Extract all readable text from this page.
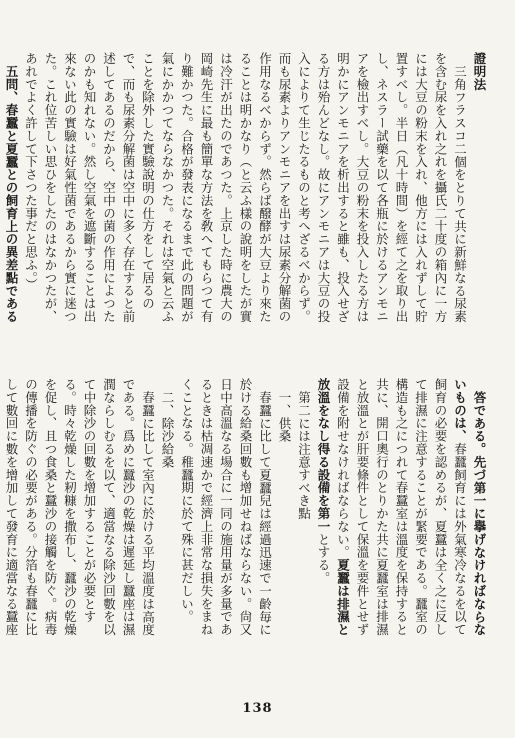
證明法

三角フラスコ二個をとりて共に新鮮なる尿素を含む尿を入れ之れを攝氏二十度の箱內に一方には大豆の粉末を入れ、他方には入れずして貯置すべし。半日（凡十時間）を經て之を取り出し、ネスラー試藥を以て各瓶に於けるアンモニアを檢出すべし。大豆の粉末を投入したる方は明かにアンモニアを析出すると雖も、投入せざる方は殆んどなし。故にアンモニアは大豆の投入によりて生じたるものと考へざるべからず。而も尿素よりアンモニアを出すは尿素分解菌の作用なるべからず。然らば醱酵が大豆より來たることは明かなり（と云ふ樣の說明をしたが實は冷汗が出たのであつた。上京した時に農大の岡崎先生に最も簡單な方法を敎へてもらつて有り難かつた。合格が發表になるまで此の問題が氣にかかつてならなかつた。それは空氣と云ふことを除外した實驗說明の仕方をして居るので、而も尿素分解菌は空中に多く存在すると前述してあるのだから、空中の菌の作用によつたのかも知れない。然し空氣を遮斷することは出來ない此の實驗は好氣性菌であるから實に迷つた。これ位苦しい思ひをしたのはなかつたが、あれでよく許して下さつた事だと思ふ。）

五問、春蠶と夏蠶との飼育上の異差點である

答である。先づ第一に擧げなければならないものは、春蠶飼育には外氣寒冷なるを以て飼育の必要を認めるが、夏蠶は全く之に反して排濕に注意することが緊要である。蠶室の構造も之につれて春蠶室は溫度を保持すると共に、開口奧行のとりかた共に夏蠶室は排濕と放溫とが肝要條件として保溫を要件とせず設備を附せなければならない。夏蠶は排濕と放溫をなし得る設備を第一とする。

第二には注意すべき點

一、供桑

春蠶に比して夏蠶兒は經過迅速で一齡毎に於ける給桑回數も增加せねばならない。尙又日中高溫なる場合に一同の施用量が多量であるときは枯凋速かで經濟上非常な損失をまねくことなる。稚蠶期に於て殊に甚だしい。

二、除沙給桑

春蠶に比して室內に於ける平均溫度は高度である。爲めに蠶沙の乾燥は遲延し蠶座は濕潤ならしむるを以て、適當なる除沙回數を以て中除沙の回數を增加することが必要とする。時々乾燥した籾糠を撒布し、蠶沙の乾燥を促し、且つ食桑と蠶沙の接觸を防ぐ。病毒の傳播を防ぐの必要がある。分箔も春蠶に比して數回に數を增加して發育に適當なる蠶座

138
